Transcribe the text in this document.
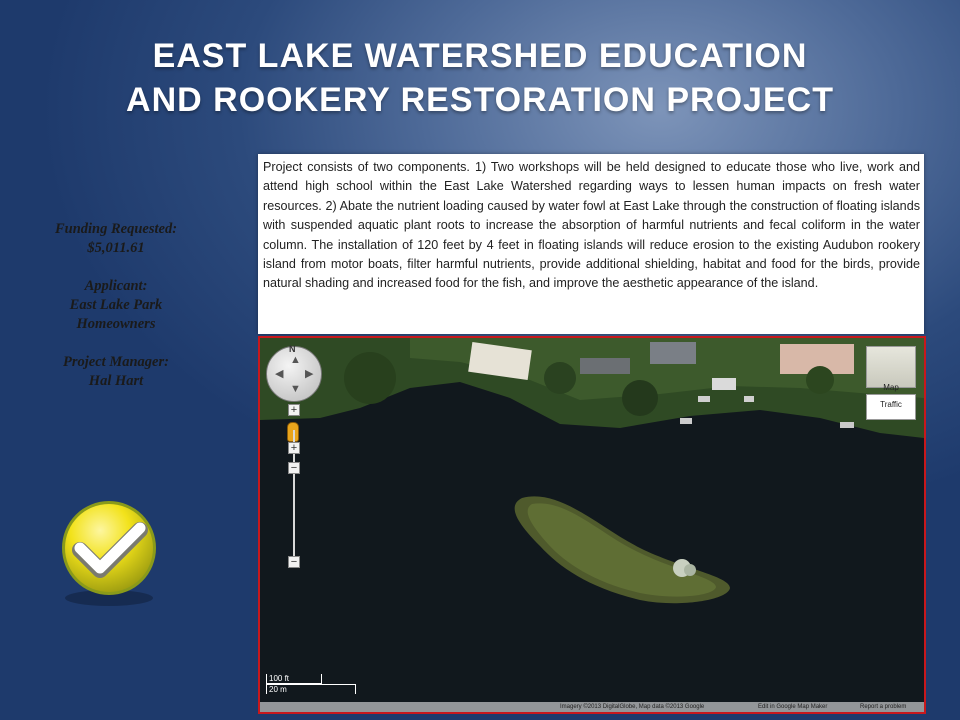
EAST LAKE WATERSHED EDUCATION
AND ROOKERY RESTORATION PROJECT
Funding Requested:
$5,011.61
Applicant:
East Lake Park
Homeowners
Project Manager:
Hal Hart
Project consists of two components. 1) Two workshops will be held designed to educate those who live, work and attend high school within the East Lake Watershed regarding ways to lessen human impacts on fresh water resources. 2) Abate the nutrient loading caused by water fowl at East Lake through the construction of floating islands with suspended aquatic plant roots to increase the absorption of harmful nutrients and fecal coliform in the water column. The installation of 120 feet by 4 feet in floating islands will reduce erosion to the existing Audubon rookery island from motor boats, filter harmful nutrients, provide additional shielding, habitat and food for the birds, provide natural shading and increased food for the fish, and improve the aesthetic appearance of the island.
N
▲
▼
◀ ▶
+
+
−
−
Map
Traffic
100 ft
20 m
Imagery ©2013 DigitalGlobe, Map data ©2013 Google	Edit in Google Map Maker	Report a problem
